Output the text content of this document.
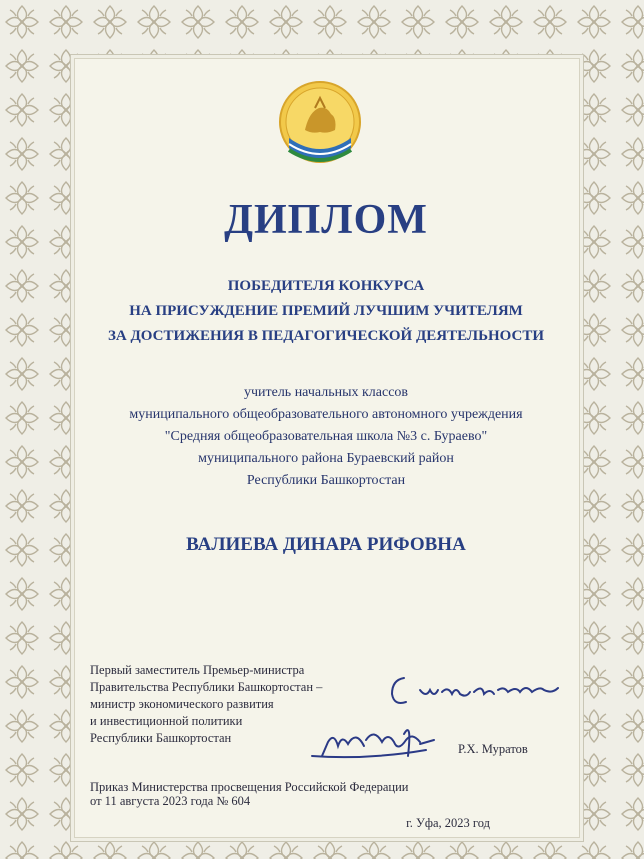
ДИПЛОМ
ПОБЕДИТЕЛЯ КОНКУРСА
НА ПРИСУЖДЕНИЕ ПРЕМИЙ ЛУЧШИМ УЧИТЕЛЯМ
ЗА ДОСТИЖЕНИЯ В ПЕДАГОГИЧЕСКОЙ ДЕЯТЕЛЬНОСТИ
учитель начальных классов
муниципального общеобразовательного автономного учреждения
"Средняя общеобразовательная школа №3 с. Бураево"
муниципального района Бураевский район
Республики Башкортостан
ВАЛИЕВА ДИНАРА РИФОВНА
Первый заместитель Премьер-министра
Правительства Республики Башкортостан –
министр экономического развития
и инвестиционной политики
Республики Башкортостан
Р.Х. Муратов
Приказ Министерства просвещения Российской Федерации
от 11 августа 2023 года № 604
г. Уфа, 2023 год
